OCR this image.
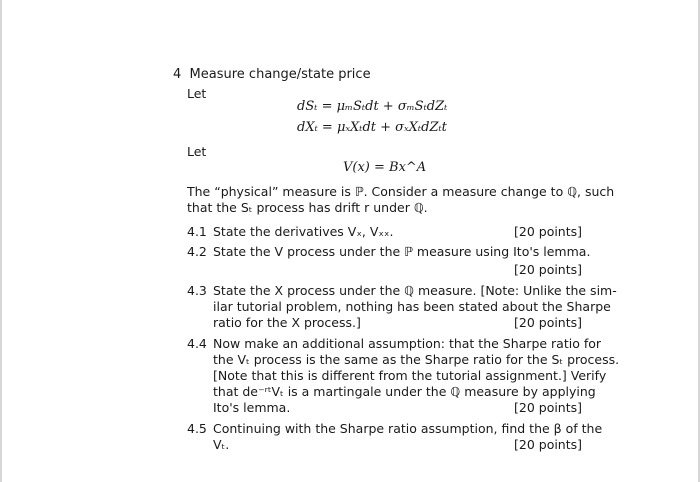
4 Measure change/state price
Let
dSₜ = μₘSₜdt + σₘSₜdZₜ
dXₜ = μₓXₜdt + σₓXₜdZₜt
Let
V(x) = Bx^A
The “physical” measure is ℙ. Consider a measure change to ℚ, such
that the Sₜ process has drift r under ℚ.
4.1 State the derivatives Vₓ, Vₓₓ.	[20 points]
4.2 State the V process under the ℙ measure using Ito's lemma.
[20 points]
4.3 State the X process under the ℚ measure. [Note: Unlike the sim-
ilar tutorial problem, nothing has been stated about the Sharpe
ratio for the X process.]	[20 points]
4.4 Now make an additional assumption: that the Sharpe ratio for
the Vₜ process is the same as the Sharpe ratio for the Sₜ process.
[Note that this is different from the tutorial assignment.] Verify
that de⁻ʳᵗVₜ is a martingale under the ℚ measure by applying
Ito's lemma.	[20 points]
4.5 Continuing with the Sharpe ratio assumption, find the β of the
Vₜ.	[20 points]
